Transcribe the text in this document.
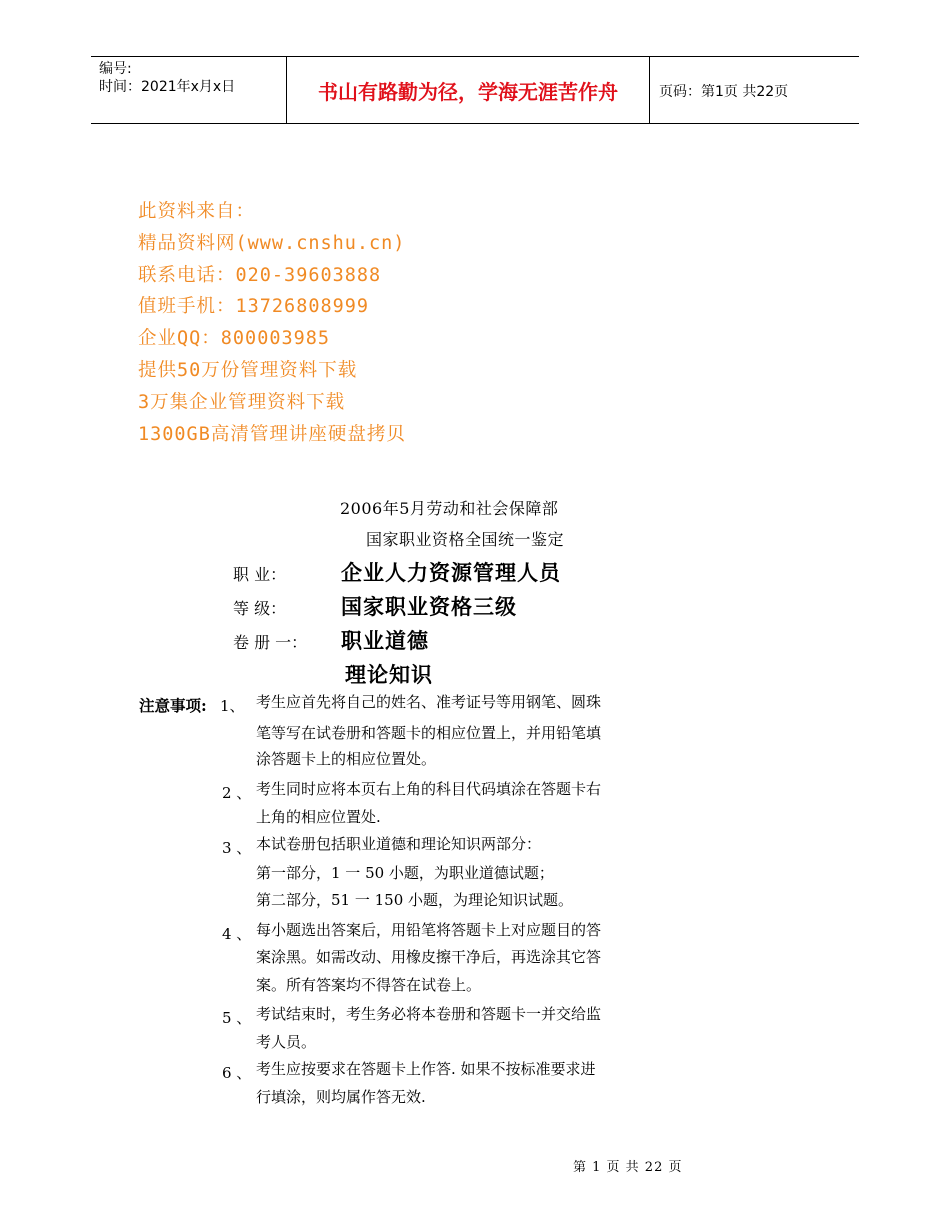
编号:
时间：2021年x月x日	书山有路勤为径，学海无涯苦作舟	页码：第1页 共22页
此资料来自：
精品资料网(www.cnshu.cn)
联系电话：020-39603888
值班手机：13726808999
企业QQ：800003985
提供50万份管理资料下载
3万集企业管理资料下载
1300GB高清管理讲座硬盘拷贝
2006年5月劳动和社会保障部
国家职业资格全国统一鉴定
职 业：	企业人力资源管理人员
等 级：	国家职业资格三级
卷 册 一： 职业道德
理论知识
注意事项: 1、 考生应首先将自己的姓名、准考证号等用钢笔、圆珠
笔等写在试卷册和答题卡的相应位置上，并用铅笔填
涂答题卡上的相应位置处。
2 、 考生同时应将本页右上角的科目代码填涂在答题卡右
上角的相应位置处.
3 、 本试卷册包括职业道德和理论知识两部分：
第一部分，1 一 50 小题，为职业道德试题；
第二部分，51 一 150 小题，为理论知识试题。
4 、 每小题选出答案后，用铅笔将答题卡上对应题目的答
案涂黑。如需改动、用橡皮擦干净后，再选涂其它答
案。所有答案均不得答在试卷上。
5 、 考试结束时，考生务必将本卷册和答题卡一并交给监
考人员。
6 、 考生应按要求在答题卡上作答. 如果不按标准要求进
行填涂，则均属作答无效.
第 1 页 共 22 页
